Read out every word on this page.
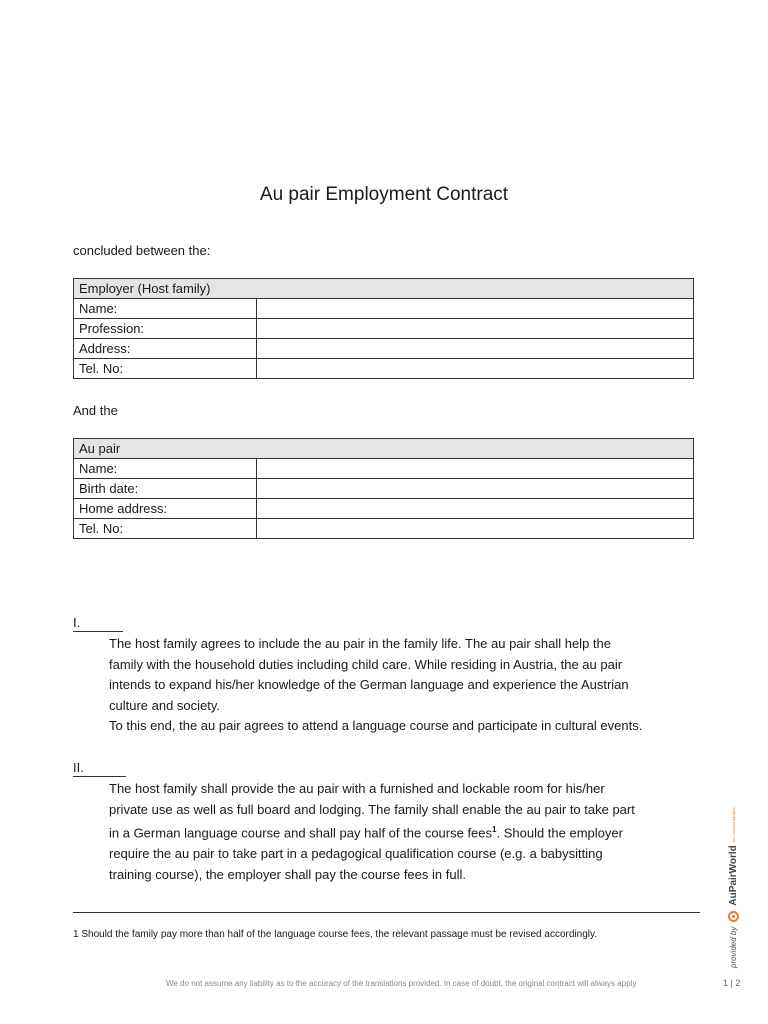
Au pair Employment Contract
concluded between the:
Employer (Host family)	
Name:	
Profession:	
Address:	
Tel. No:	
And the
Au pair	
Name:	
Birth date:	
Home address:	
Tel. No:	
I.
The host family agrees to include the au pair in the family life. The au pair shall help the
family with the household duties including child care. While residing in Austria, the au pair
intends to expand his/her knowledge of the German language and experience the Austrian
culture and society.
To this end, the au pair agrees to attend a language course and participate in cultural events.
II.
The host family shall provide the au pair with a furnished and lockable room for his/her
private use as well as full board and lodging. The family shall enable the au pair to take part
in a German language course and shall pay half of the course fees$^1$. Should the employer
require the au pair to take part in a pedagogical qualification course (e.g. a babysitting
training course), the employer shall pay the course fees in full.
1 Should the family pay more than half of the language course fees, the relevant passage must be revised accordingly.
We do not assume any liability as to the accuracy of the translations provided. In case of doubt, the original contract will always apply.	1 | 2
provided by
AuPairWorld
we connect families
